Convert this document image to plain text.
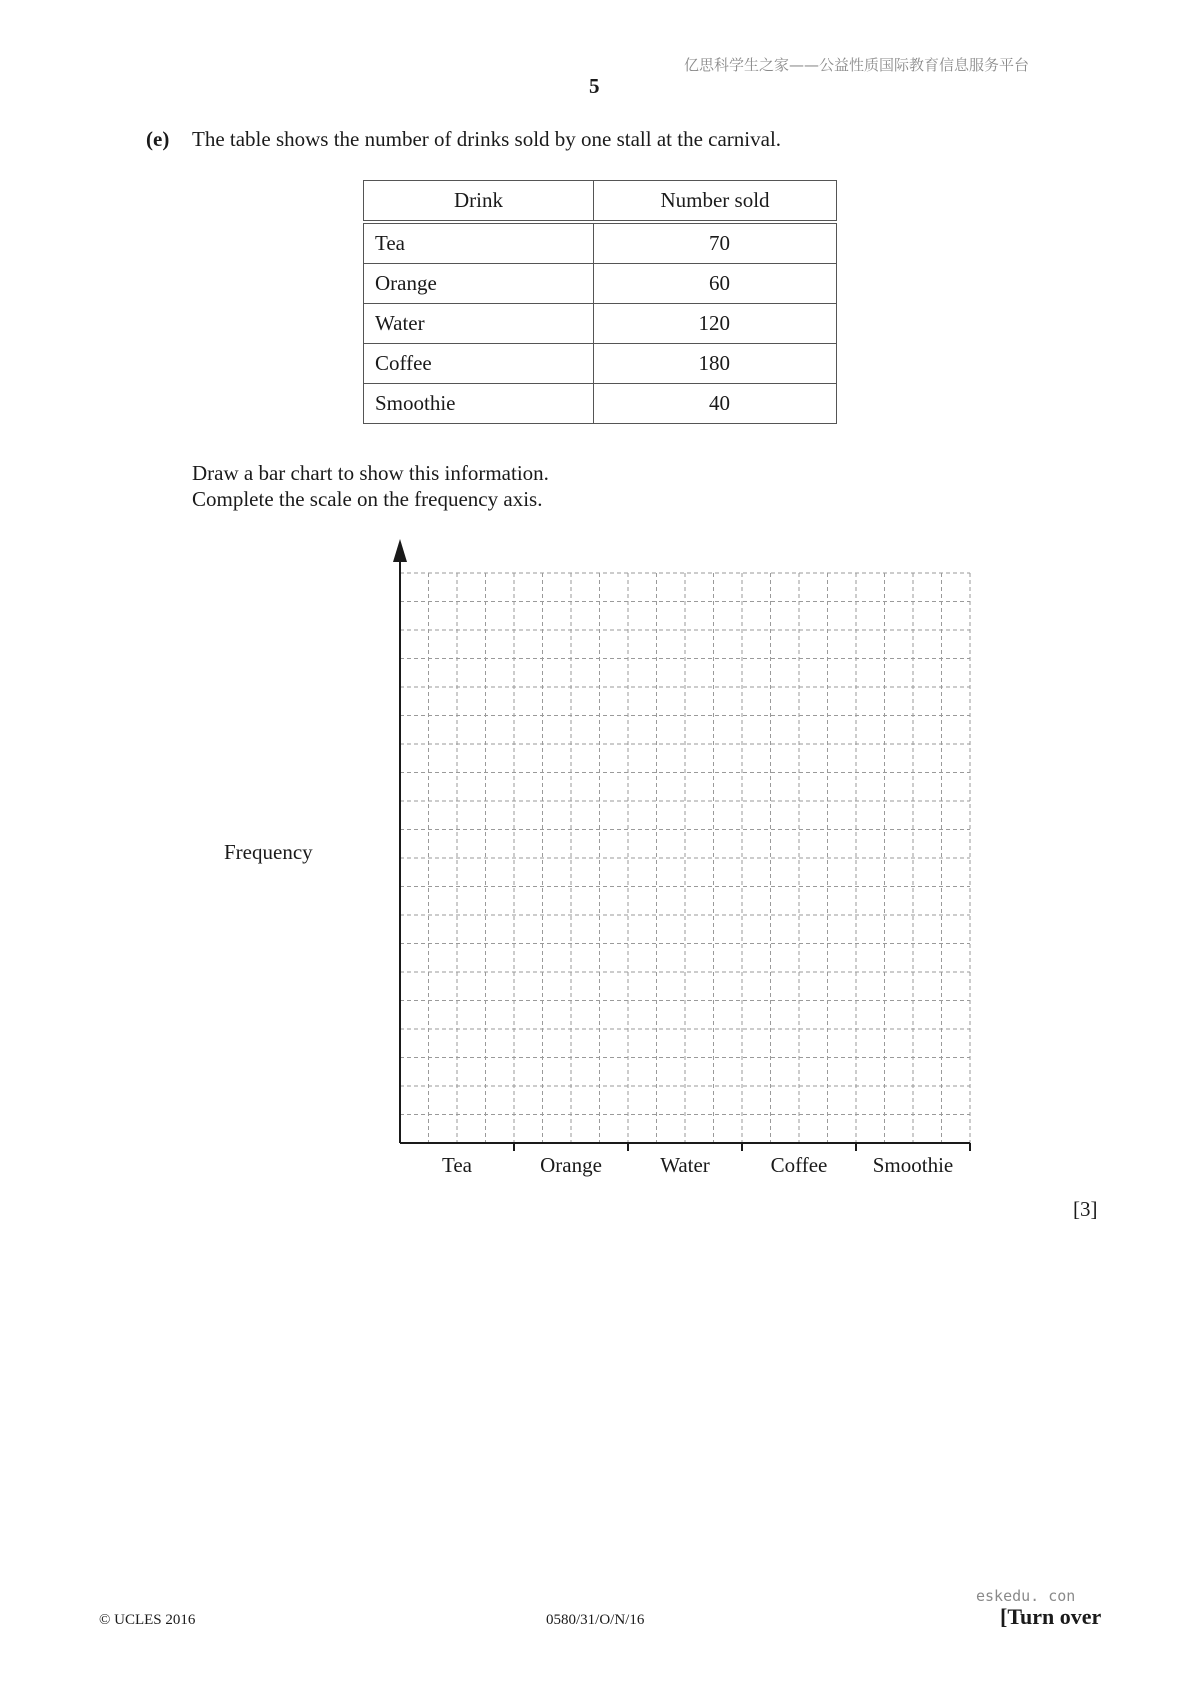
亿思科学生之家——公益性质国际教育信息服务平台
5
(e) The table shows the number of drinks sold by one stall at the carnival.
Drink	Number sold
Tea	70
Orange	60
Water	120
Coffee	180
Smoothie	40
Draw a bar chart to show this information.
Complete the scale on the frequency axis.
Frequency
Tea	Orange	Water	Coffee Smoothie
[3]
© UCLES 2016	0580/31/O/N/16
eskedu. con
[Turn over
